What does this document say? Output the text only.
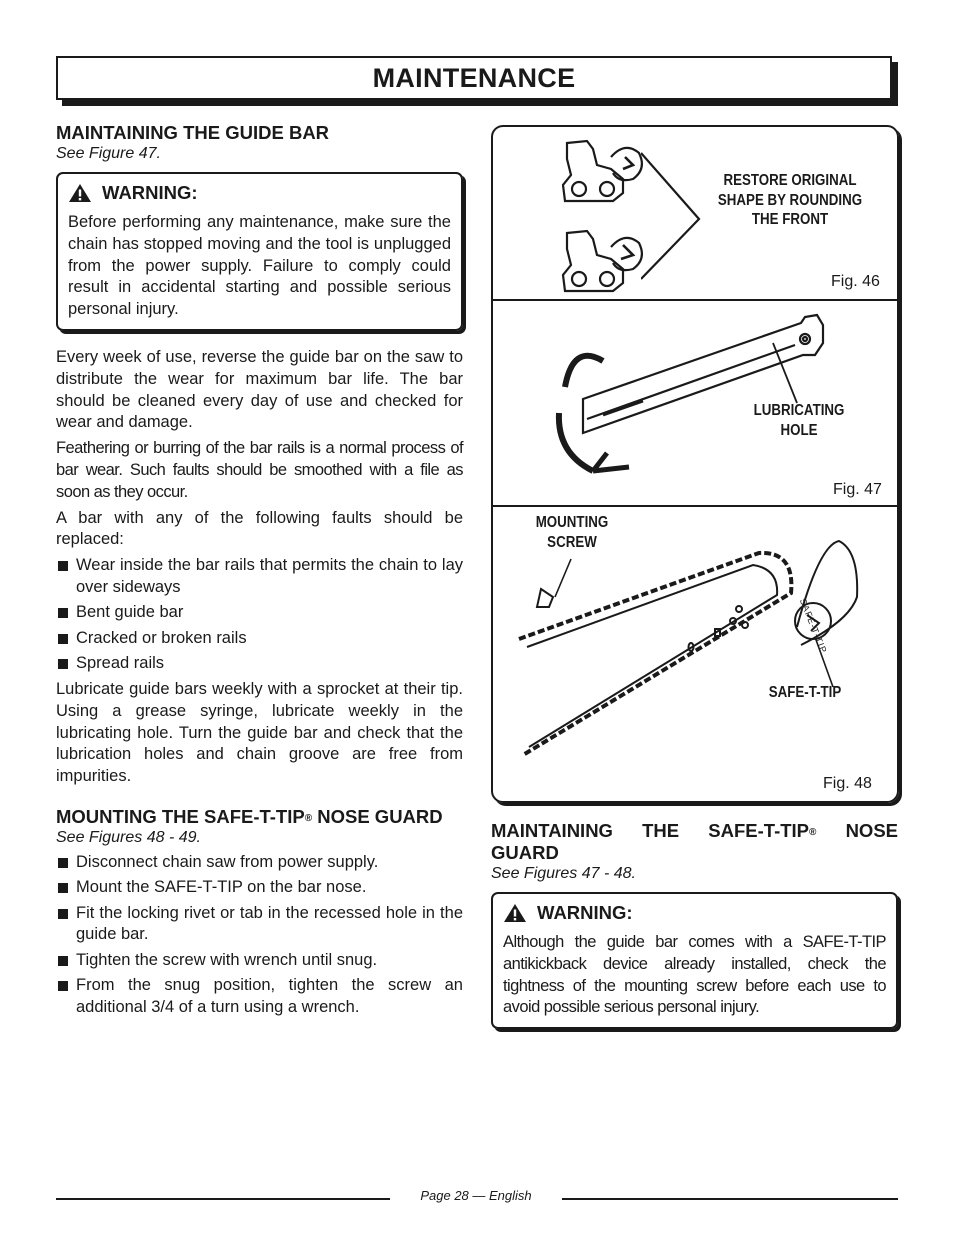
MAINTENANCE
MAINTAINING THE GUIDE BAR

See Figure 47.

WARNING:

Before performing any maintenance, make sure the chain has stopped moving and the tool is unplugged from the power supply. Failure to comply could result in accidental starting and possible serious personal injury.

Every week of use, reverse the guide bar on the saw to distribute the wear for maximum bar life. The bar should be cleaned every day of use and checked for wear and damage.

Feathering or burring of the bar rails is a normal process of bar wear. Such faults should be smoothed with a file as soon as they occur.

A bar with any of the following faults should be replaced:

Wear inside the bar rails that permits the chain to lay over sideways
Bent guide bar
Cracked or broken rails
Spread rails

Lubricate guide bars weekly with a sprocket at their tip. Using a grease syringe, lubricate weekly in the lubricating hole. Turn the guide bar and check that the lubrication holes and chain groove are free from impurities.

MOUNTING THE SAFE-T-TIP® NOSE GUARD

See Figures 48 - 49.

Disconnect chain saw from power supply.
Mount the SAFE-T-TIP on the bar nose.
Fit the locking rivet or tab in the recessed hole in the guide bar.
Tighten the screw with wrench until snug.
From the snug position, tighten the screw an additional 3/4 of a turn using a wrench.
RESTORE ORIGINAL
SHAPE BY ROUNDING
THE FRONT
Fig. 46
LUBRICATING
HOLE
Fig. 47
MOUNTING
SCREW
SAFE-T-TIP
SAFE-T-TIP
Fig. 48
MAINTAINING THE SAFE-T-TIP® NOSE GUARD

See Figures 47 - 48.

WARNING:

Although the guide bar comes with a SAFE-T-TIP antikickback device already installed, check the tightness of the mounting screw before each use to avoid possible serious personal injury.

Page 28 — English
